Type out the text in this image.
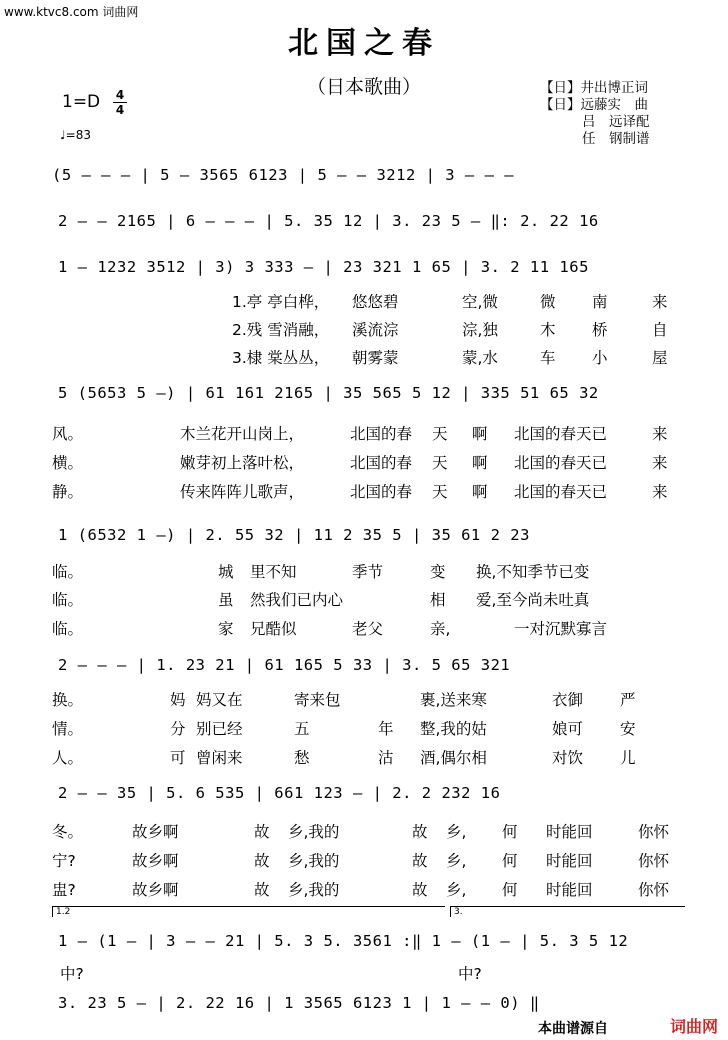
www.ktvc8.com 词曲网
北国之春
（日本歌曲）	【日】井出博正词
【日】远藤实　曲
吕　远译配
任　钢制谱
1=D 4
4
♩=83
(5 – – – | 5 – 3565 6123 | 5 – – 3212 | 3 – – –
2 – – 2165 | 6 – – – | 5. 35 12 | 3. 23 5 – ‖: 2. 22 16
1 – 1232 3512 | 3) 3 333 – | 23 321 1 65 | 3. 2 11 165
1.亭 亭白桦， 悠悠碧	空,微	微 南	来
2.残 雪消融， 溪流淙	淙,独	木 桥	自
3.棣 棠丛丛， 朝雾蒙	蒙,水	车 小	屋
5 (5653 5 –) | 61 161 2165 | 35 565 5 12 | 335 51 65 32
风。	木兰花开山岗上，	北国的春 天 啊 北国的春天已	来
横。	嫩芽初上落叶松，	北国的春 天 啊 北国的春天已	来
静。	传来阵阵儿歌声，	北国的春 天 啊 北国的春天已	来
1 (6532 1 –) | 2. 55 32 | 11 2 35 5 | 35 61 2 23
临。	城 里不知	季节	变 换,不知季节已变
临。	虽 然我们已内心	相 爱,至今尚未吐真
临。	家 兄酷似	老父	亲,	一对沉默寡言
2 – – – | 1. 23 21 | 61 165 5 33 | 3. 5 65 321
换。	妈 妈又在	寄来包	裹,送来寒	衣御 严
情。	分 别已经	五	年 整,我的姑	娘可 安
人。	可 曾闲来	愁	沽 酒,偶尔相	对饮 儿
2 – – 35 | 5. 6 535 | 661 123 – | 2. 2 232 16
冬。	故乡啊	故 乡,我的	故 乡, 何 时能回	你怀
宁?	故乡啊	故 乡,我的	故 乡, 何 时能回	你怀
盅?	故乡啊	故 乡,我的	故 乡, 何 时能回	你怀
1.2	3.
1 – (1 – | 3 – – 21 | 5. 3 5. 3561 :‖ 1 – (1 – | 5. 3 5 12
中?	中?
3. 23 5 – | 2. 22 16 | 1 3565 6123 1 | 1 – – 0) ‖
本曲谱源自	词曲网
